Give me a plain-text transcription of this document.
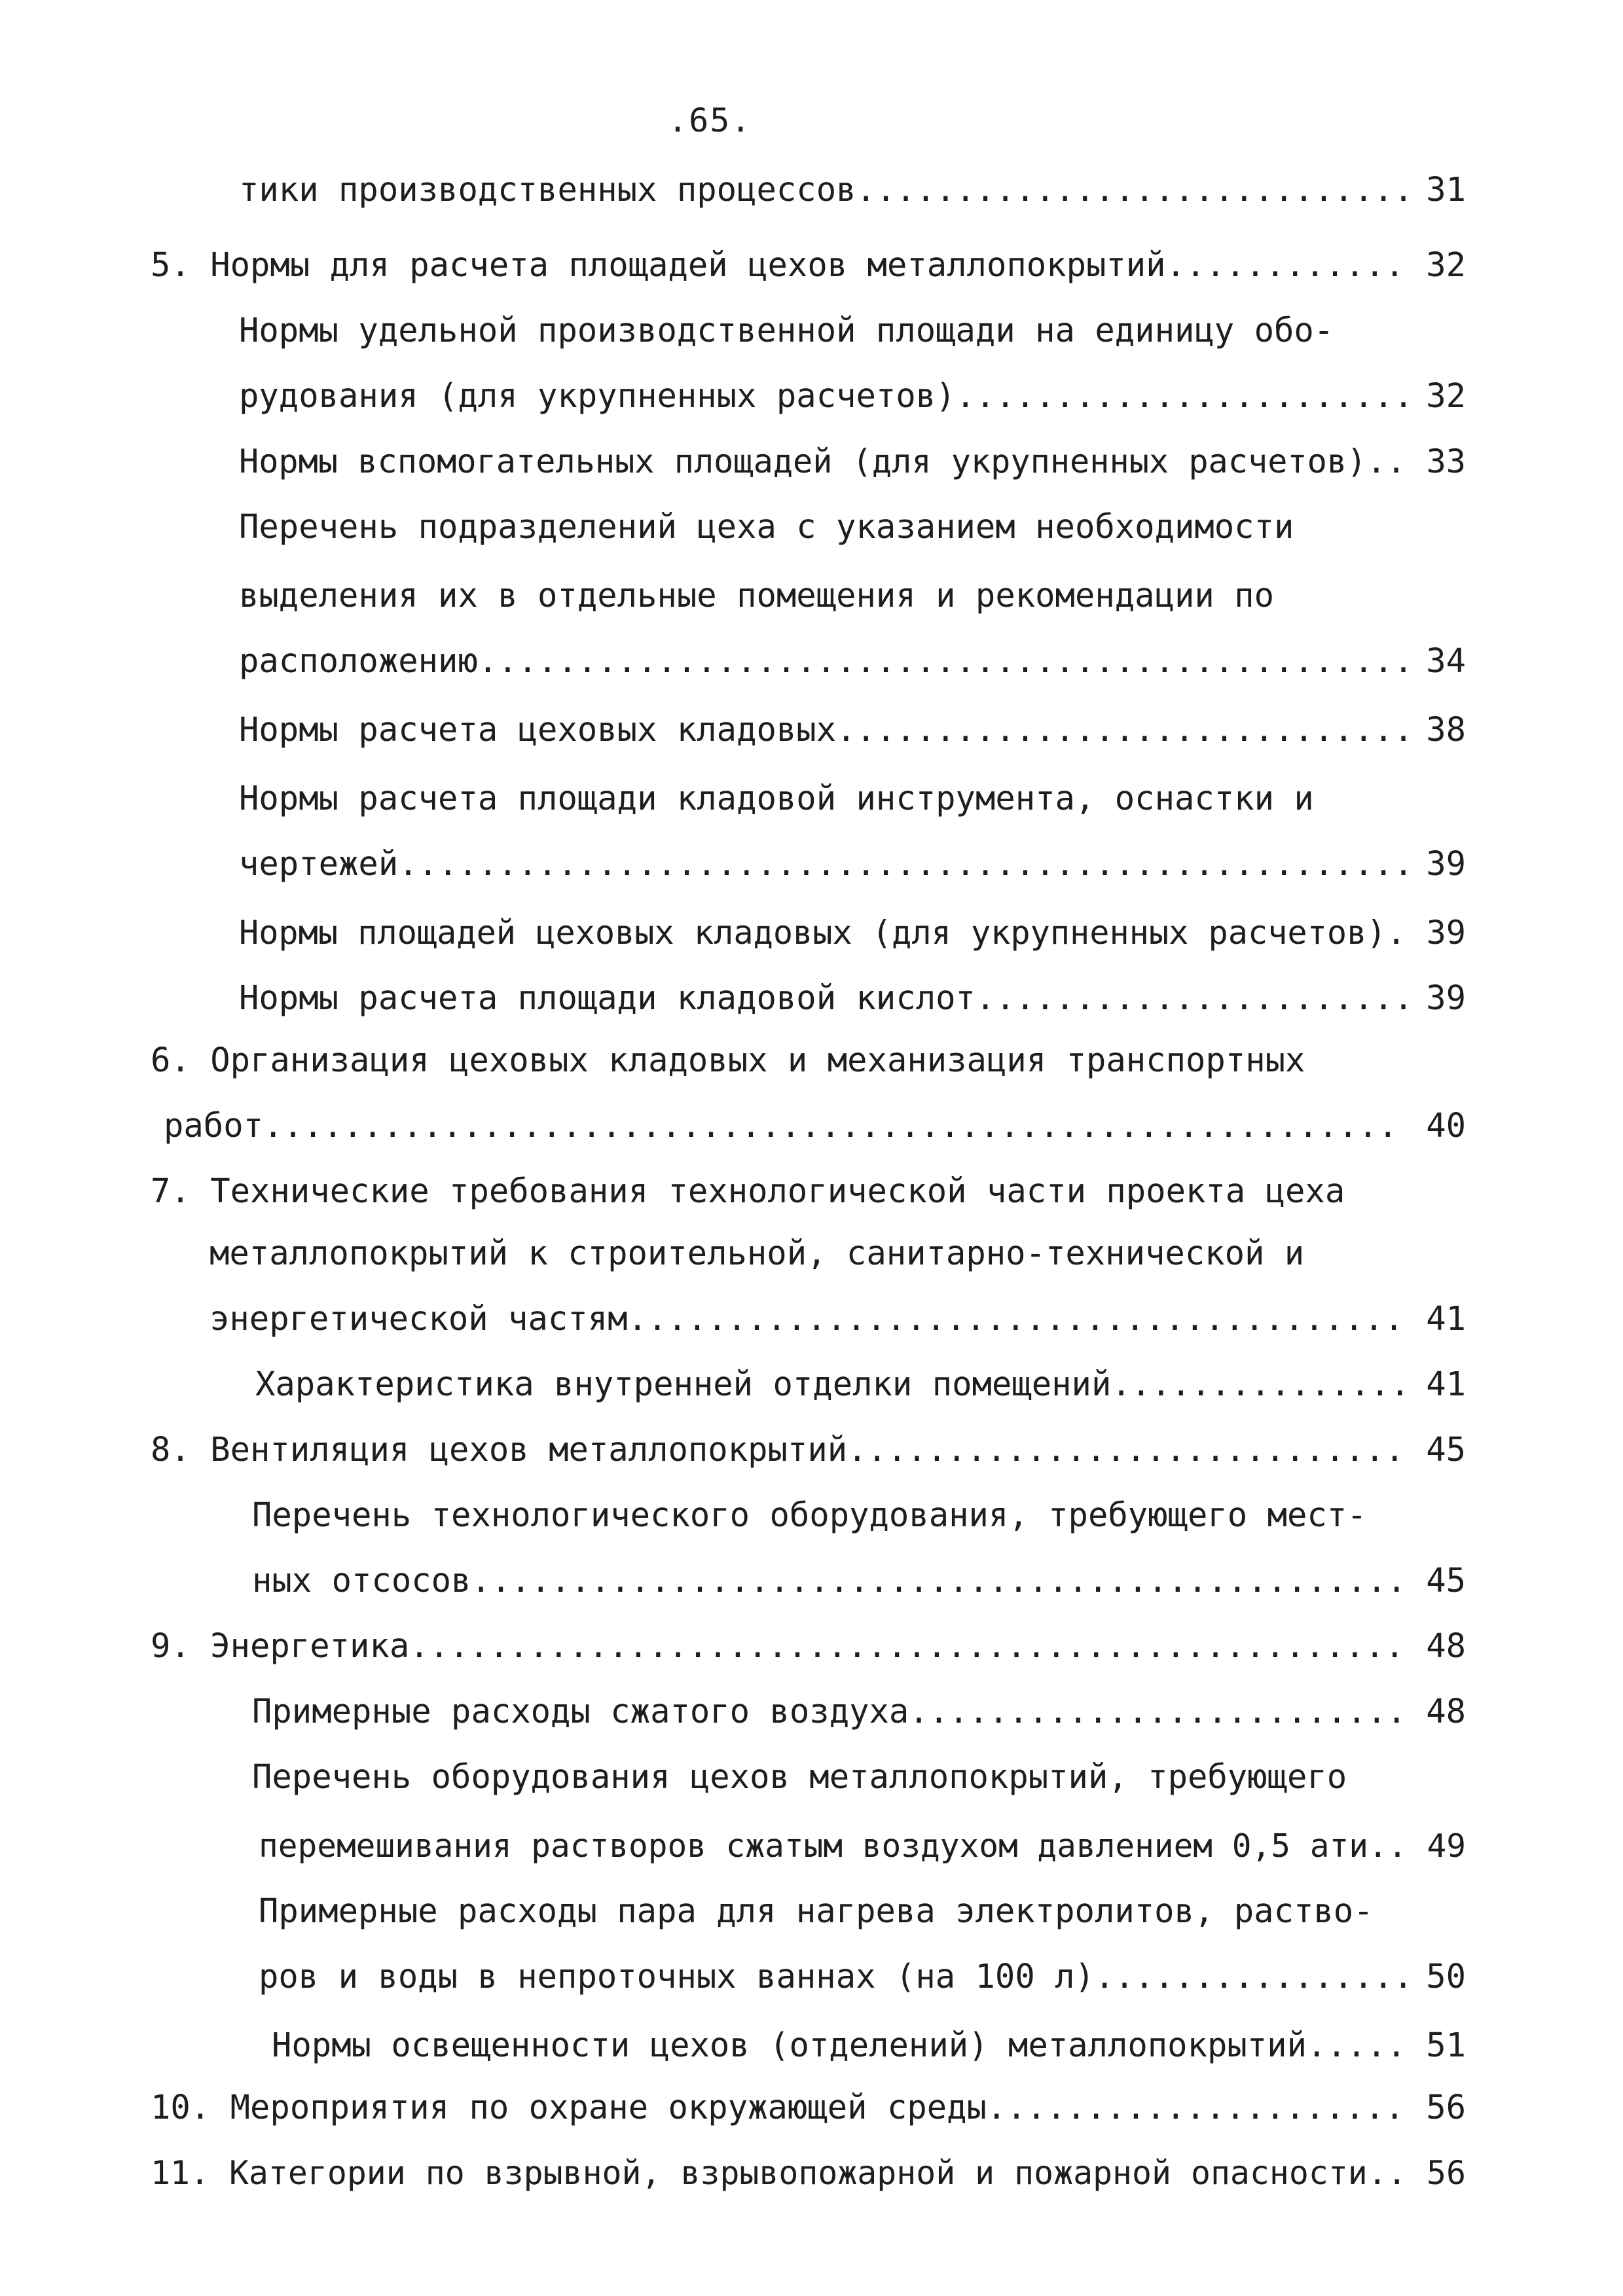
.65.
тики производственных процессов............................ 31
5. Нормы для расчета площадей цехов металлопокрытий............ 32
Нормы удельной производственной площади на единицу обо-
рудования (для укрупненных расчетов)....................... 32
Нормы вспомогательных площадей (для укрупненных расчетов).. 33
Перечень подразделений цеха с указанием необходимости
выделения их в отдельные помещения и рекомендации по
расположению............................................... 34
Нормы расчета цеховых кладовых............................. 38
Нормы расчета площади кладовой инструмента, оснастки и
чертежей................................................... 39
Нормы площадей цеховых кладовых (для укрупненных расчетов). 39
Нормы расчета площади кладовой кислот...................... 39
6. Организация цеховых кладовых и механизация транспортных
работ......................................................... 40
7. Технические требования технологической части проекта цеха
металлопокрытий к строительной, санитарно-технической и
энергетической частям....................................... 41
Характеристика внутренней отделки помещений............... 41
8. Вентиляция цехов металлопокрытий............................ 45
Перечень технологического оборудования, требующего мест-
ных отсосов............................................... 45
9. Энергетика.................................................. 48
Примерные расходы сжатого воздуха......................... 48
Перечень оборудования цехов металлопокрытий, требующего
перемешивания растворов сжатым воздухом давлением 0,5 ати.. 49
Примерные расходы пара для нагрева электролитов, раство-
ров и воды в непроточных ваннах (на 100 л)................ 50
Нормы освещенности цехов (отделений) металлопокрытий..... 51
10. Мероприятия по охране окружающей среды..................... 56
11. Категории по взрывной, взрывопожарной и пожарной опасности.. 56
